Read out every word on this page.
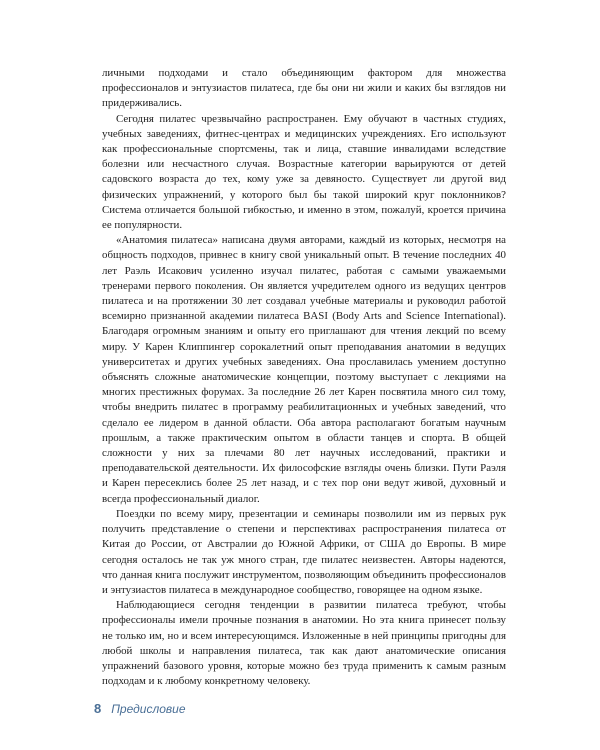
личными подходами и стало объединяющим фактором для множества профессионалов и энтузиастов пилатеса, где бы они ни жили и каких бы взглядов ни придерживались.

Сегодня пилатес чрезвычайно распространен. Ему обучают в частных студиях, учебных заведениях, фитнес-центрах и медицинских учреждениях. Его используют как профессиональные спортсмены, так и лица, ставшие инвалидами вследствие болезни или несчастного случая. Возрастные категории варьируются от детей садовского возраста до тех, кому уже за девяносто. Существует ли другой вид физических упражнений, у которого был бы такой широкий круг поклонников? Система отличается большой гибкостью, и именно в этом, пожалуй, кроется причина ее популярности.

«Анатомия пилатеса» написана двумя авторами, каждый из которых, несмотря на общность подходов, привнес в книгу свой уникальный опыт. В течение последних 40 лет Раэль Исакович усиленно изучал пилатес, работая с самыми уважаемыми тренерами первого поколения. Он является учредителем одного из ведущих центров пилатеса и на протяжении 30 лет создавал учебные материалы и руководил работой всемирно признанной академии пилатеса BASI (Body Arts and Science International). Благодаря огромным знаниям и опыту его приглашают для чтения лекций по всему миру. У Карен Клиппингер сорокалетний опыт преподавания анатомии в ведущих университетах и других учебных заведениях. Она прославилась умением доступно объяснять сложные анатомические концепции, поэтому выступает с лекциями на многих престижных форумах. За последние 26 лет Карен посвятила много сил тому, чтобы внедрить пилатес в программу реабилитационных и учебных заведений, что сделало ее лидером в данной области. Оба автора располагают богатым научным прошлым, а также практическим опытом в области танцев и спорта. В общей сложности у них за плечами 80 лет научных исследований, практики и преподавательской деятельности. Их философские взгляды очень близки. Пути Раэля и Карен пересеклись более 25 лет назад, и с тех пор они ведут живой, духовный и всегда профессиональный диалог.

Поездки по всему миру, презентации и семинары позволили им из первых рук получить представление о степени и перспективах распространения пилатеса от Китая до России, от Австралии до Южной Африки, от США до Европы. В мире сегодня осталось не так уж много стран, где пилатес неизвестен. Авторы надеются, что данная книга послужит инструментом, позволяющим объединить профессионалов и энтузиастов пилатеса в международное сообщество, говорящее на одном языке.

Наблюдающиеся сегодня тенденции в развитии пилатеса требуют, чтобы профессионалы имели прочные познания в анатомии. Но эта книга принесет пользу не только им, но и всем интересующимся. Изложенные в ней принципы пригодны для любой школы и направления пилатеса, так как дают анатомические описания упражнений базового уровня, которые можно без труда применить к самым разным подходам и к любому конкретному человеку.

8 Предисловие
